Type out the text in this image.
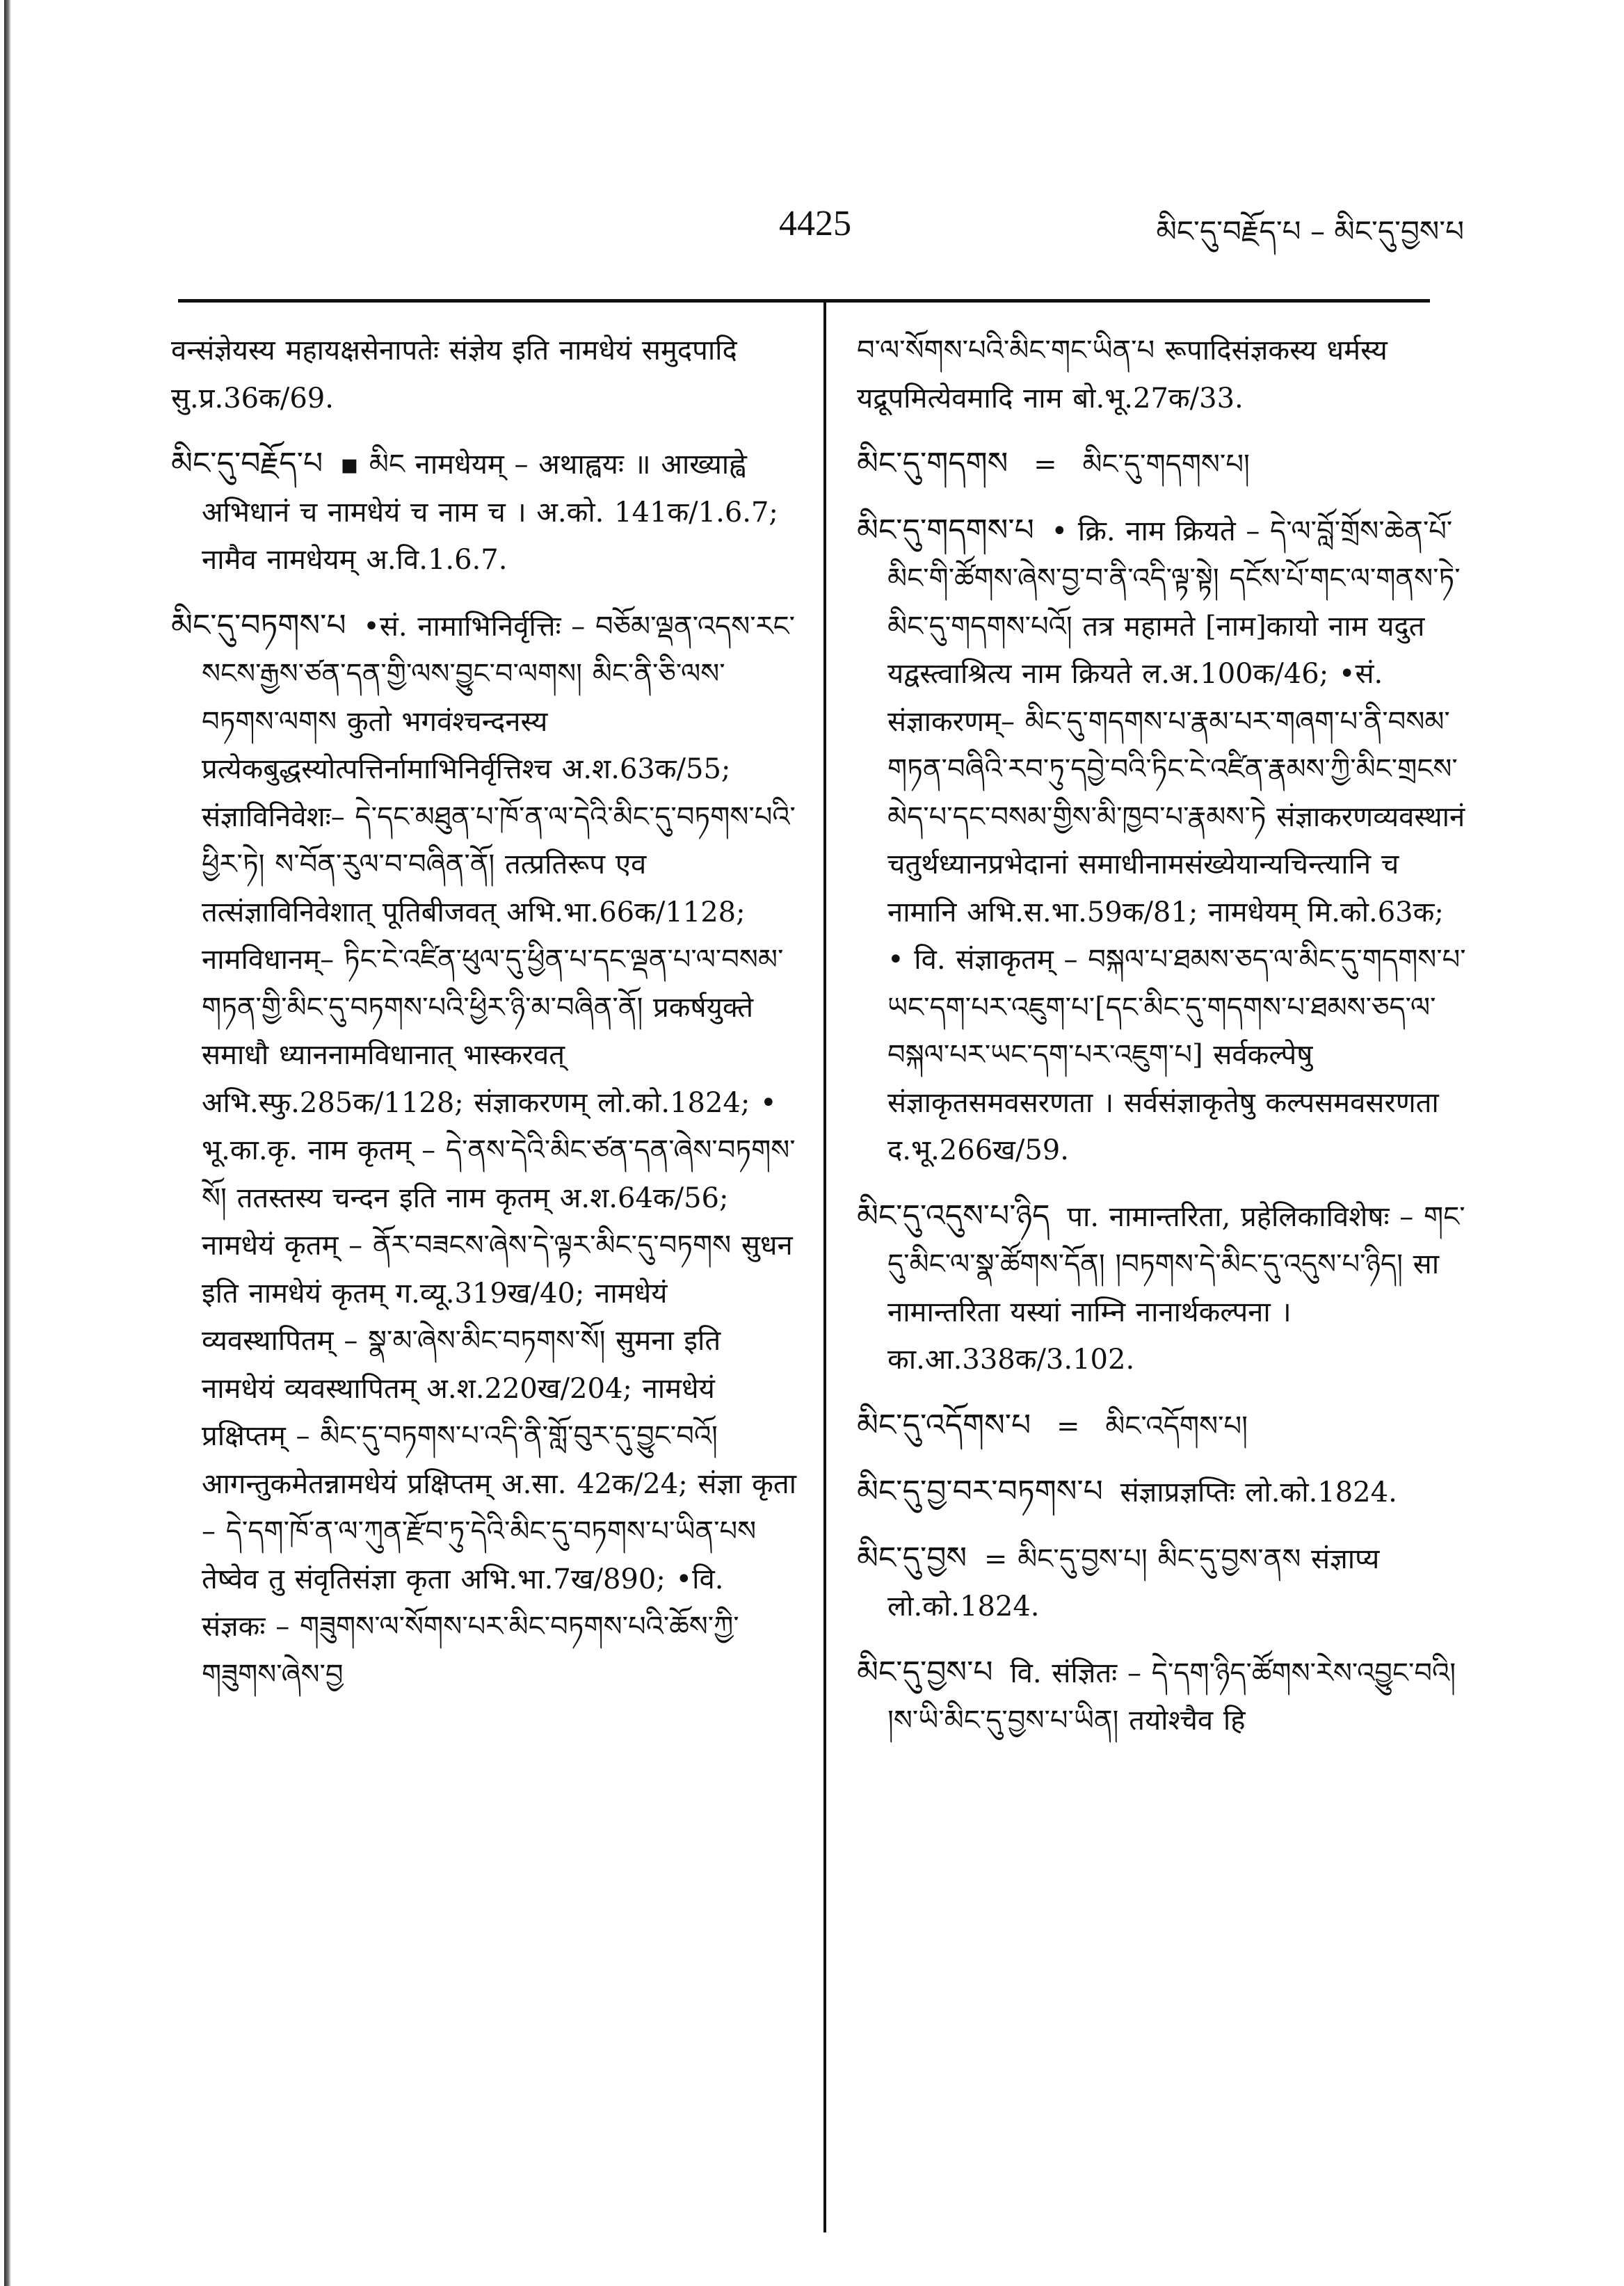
4425	མིང་དུ་བརྗོད་པ – མིང་དུ་བྱས་པ
वन्संज्ञेयस्य महायक्षसेनापतेः संज्ञेय इति नामधेयं समुदपादि सु.प्र.36क/69.
མིང་དུ་བརྗོད་པ ▪ མིང नामधेयम् – अथाह्वयः ॥ आख्याह्वे अभिधानं च नामधेयं च नाम च । अ.को. 141क/1.6.7; नामैव नामधेयम् अ.वि.1.6.7.
མིང་དུ་བཏགས་པ •सं. नामाभिनिर्वृत्तिः – བཅོམ་ལྡན་འདས་རང་སངས་རྒྱས་ཙན་དན་གྱི་ལས་བྱུང་བ་ལགས། མིང་ནི་ཅི་ལས་བཏགས་ལགས कुतो भगवंश्चन्दनस्य प्रत्येकबुद्धस्योत्पत्तिर्नामाभिनिर्वृत्तिश्च अ.श.63क/55; संज्ञाविनिवेशः– དེ་དང་མཐུན་པ་ཁོ་ན་ལ་དེའི་མིང་དུ་བཏགས་པའི་ཕྱིར་ཏེ། ས་བོན་རུལ་བ་བཞིན་ནོ། तत्प्रतिरूप एव तत्संज्ञाविनिवेशात् पूतिबीजवत् अभि.भा.66क/1128; नामविधानम्– ཏིང་ངེ་འཛིན་ཕུལ་དུ་ཕྱིན་པ་དང་ལྡན་པ་ལ་བསམ་གཏན་གྱི་མིང་དུ་བཏགས་པའི་ཕྱིར་ཉི་མ་བཞིན་ནོ། प्रकर्षयुक्ते समाधौ ध्याननामविधानात् भास्करवत् अभि.स्फु.285क/1128; संज्ञाकरणम् लो.को.1824; • भू.का.कृ. नाम कृतम् – དེ་ནས་དེའི་མིང་ཙན་དན་ཞེས་བཏགས་སོ། ततस्तस्य चन्दन इति नाम कृतम् अ.श.64क/56; नामधेयं कृतम् – ནོར་བཟངས་ཞེས་དེ་ལྟར་མིང་དུ་བཏགས सुधन इति नामधेयं कृतम् ग.व्यू.319ख/40; नामधेयं व्यवस्थापितम् – སྣ་མ་ཞེས་མིང་བཏགས་སོ། सुमना इति नामधेयं व्यवस्थापितम् अ.श.220ख/204; नामधेयं प्रक्षिप्तम् – མིང་དུ་བཏགས་པ་འདི་ནི་གློ་བུར་དུ་བྱུང་བའོ། आगन्तुकमेतन्नामधेयं प्रक्षिप्तम् अ.सा. 42क/24; संज्ञा कृता – དེ་དག་ཁོ་ན་ལ་ཀུན་རྫོབ་ཏུ་དེའི་མིང་དུ་བཏགས་པ་ཡིན་པས तेष्वेव तु संवृतिसंज्ञा कृता अभि.भा.7ख/890; •वि. संज्ञकः – གཟུགས་ལ་སོགས་པར་མིང་བཏགས་པའི་ཆོས་ཀྱི་གཟུགས་ཞེས་བྱ
བ་ལ་སོགས་པའི་མིང་གང་ཡིན་པ रूपादिसंज्ञकस्य धर्मस्य यद्रूपमित्येवमादि नाम बो.भू.27क/33.
མིང་དུ་གདགས = མིང་དུ་གདགས་པ།
མིང་དུ་གདགས་པ • क्रि. नाम क्रियते – དེ་ལ་བློ་གྲོས་ཆེན་པོ་མིང་གི་ཚོགས་ཞེས་བྱ་བ་ནི་འདི་ལྟ་སྟེ། དངོས་པོ་གང་ལ་གནས་ཏེ་མིང་དུ་གདགས་པའོ། तत्र महामते [नाम]कायो नाम यदुत यद्वस्त्वाश्रित्य नाम क्रियते ल.अ.100क/46; •सं. संज्ञाकरणम्– མིང་དུ་གདགས་པ་རྣམ་པར་གཞག་པ་ནི་བསམ་གཏན་བཞིའི་རབ་ཏུ་དབྱེ་བའི་ཏིང་ངེ་འཛིན་རྣམས་ཀྱི་མིང་གྲངས་མེད་པ་དང་བསམ་གྱིས་མི་ཁྱབ་པ་རྣམས་ཏེ संज्ञाकरणव्यवस्थानं चतुर्थध्यानप्रभेदानां समाधीनामसंख्येयान्यचिन्त्यानि च नामानि अभि.स.भा.59क/81; नामधेयम् मि.को.63क; • वि. संज्ञाकृतम् – བསྐལ་པ་ཐམས་ཅད་ལ་མིང་དུ་གདགས་པ་ཡང་དག་པར་འཇུག་པ་[དང་མིང་དུ་གདགས་པ་ཐམས་ཅད་ལ་བསྐལ་པར་ཡང་དག་པར་འཇུག་པ] सर्वकल्पेषु संज्ञाकृतसमवसरणता । सर्वसंज्ञाकृतेषु कल्पसमवसरणता द.भू.266ख/59.
མིང་དུ་འདུས་པ་ཉིད पा. नामान्तरिता, प्रहेलिकाविशेषः – གང་དུ་མིང་ལ་སྣ་ཚོགས་དོན། །བཏགས་དེ་མིང་དུ་འདུས་པ་ཉིད། सा नामान्तरिता यस्यां नाम्नि नानार्थकल्पना । का.आ.338क/3.102.
མིང་དུ་འདོགས་པ = མིང་འདོགས་པ།
མིང་དུ་བྱ་བར་བཏགས་པ संज्ञाप्रज्ञप्तिः लो.को.1824.
མིང་དུ་བྱས = མིང་དུ་བྱས་པ། མིང་དུ་བྱས་ནས संज्ञाप्य लो.को.1824.
མིང་དུ་བྱས་པ वि. संज्ञितः – དེ་དག་ཉིད་ཚོགས་རེས་འབྱུང་བའི། །ས་ཡི་མིང་དུ་བྱས་པ་ཡིན། तयोश्चैव हि
